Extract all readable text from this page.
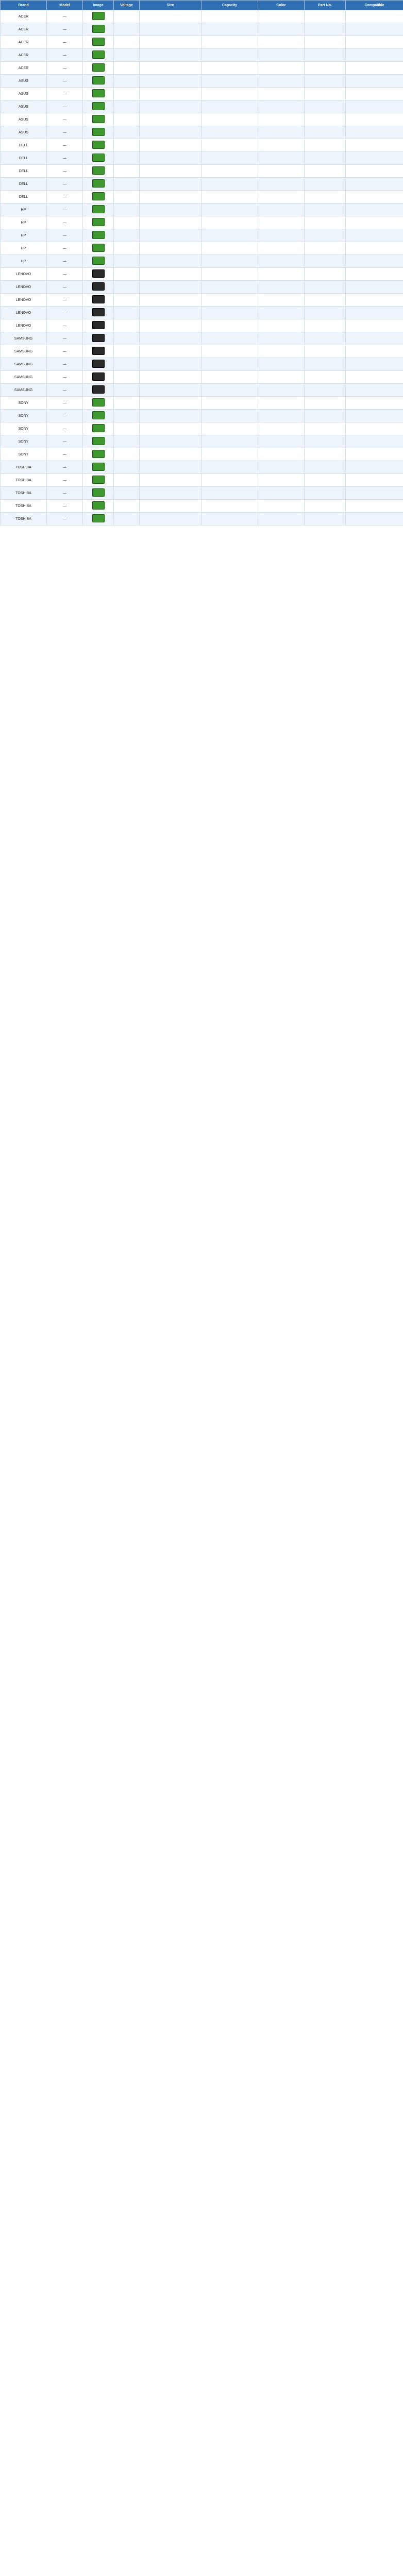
Brand	Model	Image	Voltage	Size	Capacity	Color	Part No.	Compatible
ACER	—							
ACER	—							
ACER	—							
ACER	—							
ACER	—							
ASUS	—							
ASUS	—							
ASUS	—							
ASUS	—							
ASUS	—							
DELL	—							
DELL	—							
DELL	—							
DELL	—							
DELL	—							
HP	—							
HP	—							
HP	—							
HP	—							
HP	—							
LENOVO	—							
LENOVO	—							
LENOVO	—							
LENOVO	—							
LENOVO	—							
SAMSUNG	—							
SAMSUNG	—							
SAMSUNG	—							
SAMSUNG	—							
SAMSUNG	—							
SONY	—							
SONY	—							
SONY	—							
SONY	—							
SONY	—							
TOSHIBA	—							
TOSHIBA	—							
TOSHIBA	—							
TOSHIBA	—							
TOSHIBA	—							
